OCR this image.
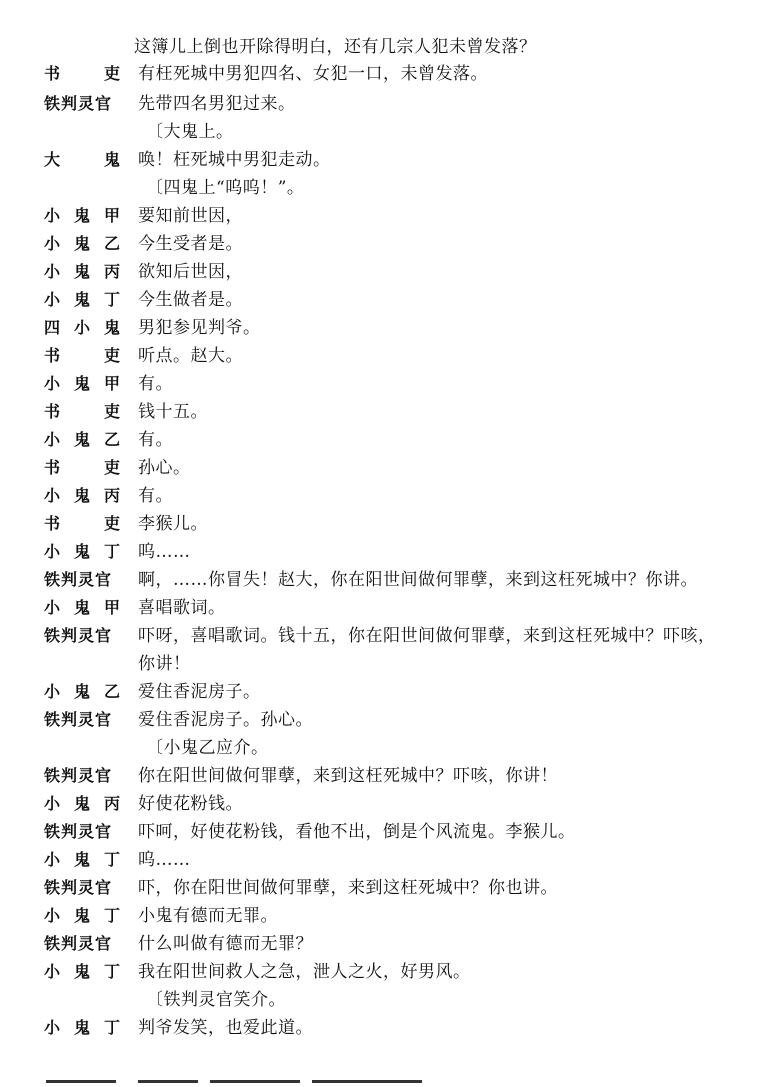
这簿儿上倒也开除得明白，还有几宗人犯未曾发落？
书	吏 有枉死城中男犯四名、女犯一口，未曾发落。
铁 判 灵 官 先带四名男犯过来。
〔大鬼上。
大	鬼 唤！枉死城中男犯走动。
〔四鬼上“呜呜！”。
小 鬼 甲 要知前世因，
小 鬼 乙 今生受者是。
小 鬼 丙 欲知后世因，
小 鬼 丁 今生做者是。
四 小 鬼 男犯参见判爷。
书	吏 听点。赵大。
小 鬼 甲 有。
书	吏 钱十五。
小 鬼 乙 有。
书	吏 孙心。
小 鬼 丙 有。
书	吏 李猴儿。
小 鬼 丁 呜……
铁 判 灵 官 啊，……你冒失！赵大，你在阳世间做何罪孽，来到这枉死城中？你讲。
小 鬼 甲 喜唱歌词。
铁 判 灵 官 吓呀，喜唱歌词。钱十五，你在阳世间做何罪孽，来到这枉死城中？吓咳，
你讲！
小 鬼 乙 爱住香泥房子。
铁 判 灵 官 爱住香泥房子。孙心。
〔小鬼乙应介。
铁 判 灵 官 你在阳世间做何罪孽，来到这枉死城中？吓咳，你讲！
小 鬼 丙 好使花粉钱。
铁 判 灵 官 吓呵，好使花粉钱，看他不出，倒是个风流鬼。李猴儿。
小 鬼 丁 呜……
铁 判 灵 官 吓，你在阳世间做何罪孽，来到这枉死城中？你也讲。
小 鬼 丁 小鬼有德而无罪。
铁 判 灵 官 什么叫做有德而无罪？
小 鬼 丁 我在阳世间救人之急，泄人之火，好男风。
〔铁判灵官笑介。
小 鬼 丁 判爷发笑，也爱此道。
